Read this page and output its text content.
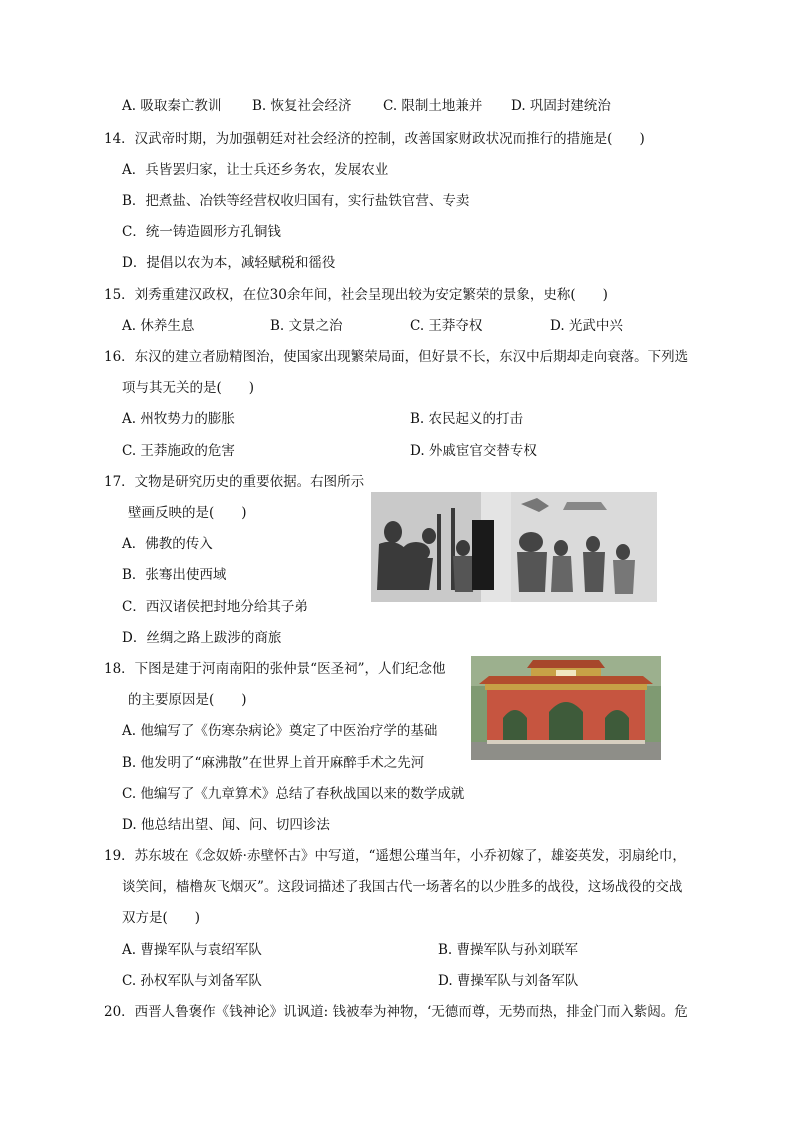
A. 吸取秦亡教训 B. 恢复社会经济 C. 限制土地兼并 D. 巩固封建统治
14．汉武帝时期，为加强朝廷对社会经济的控制，改善国家财政状况而推行的措施是(　　)
A．兵皆罢归家，让士兵还乡务农，发展农业
B．把煮盐、冶铁等经营权收归国有，实行盐铁官营、专卖
C．统一铸造圆形方孔铜钱
D．提倡以农为本，减轻赋税和徭役
15．刘秀重建汉政权，在位30余年间，社会呈现出较为安定繁荣的景象，史称(　　)
A. 休养生息	B. 文景之治	C. 王莽夺权	D. 光武中兴
16．东汉的建立者励精图治，使国家出现繁荣局面，但好景不长，东汉中后期却走向衰落。下列选
项与其无关的是(　　)
A. 州牧势力的膨胀	B. 农民起义的打击
C. 王莽施政的危害	D. 外戚宦官交替专权
17．文物是研究历史的重要依据。右图所示
壁画反映的是(　　)
A．佛教的传入
B．张骞出使西域
C．西汉诸侯把封地分给其子弟
D．丝绸之路上跋涉的商旅
18．下图是建于河南南阳的张仲景“医圣祠”，人们纪念他
的主要原因是(　　)
A. 他编写了《伤寒杂病论》奠定了中医治疗学的基础
B. 他发明了“麻沸散”在世界上首开麻醉手术之先河
C. 他编写了《九章算术》总结了春秋战国以来的数学成就
D. 他总结出望、闻、问、切四诊法
19．苏东坡在《念奴娇·赤壁怀古》中写道，“遥想公瑾当年，小乔初嫁了，雄姿英发，羽扇纶巾，
谈笑间，樯橹灰飞烟灭”。这段词描述了我国古代一场著名的以少胜多的战役，这场战役的交战
双方是(　　)
A. 曹操军队与袁绍军队	B. 曹操军队与孙刘联军
C. 孙权军队与刘备军队	D. 曹操军队与刘备军队
20．西晋人鲁褒作《钱神论》讥讽道: 钱被奉为神物，‘无德而尊，无势而热，排金门而入紫闼。危
